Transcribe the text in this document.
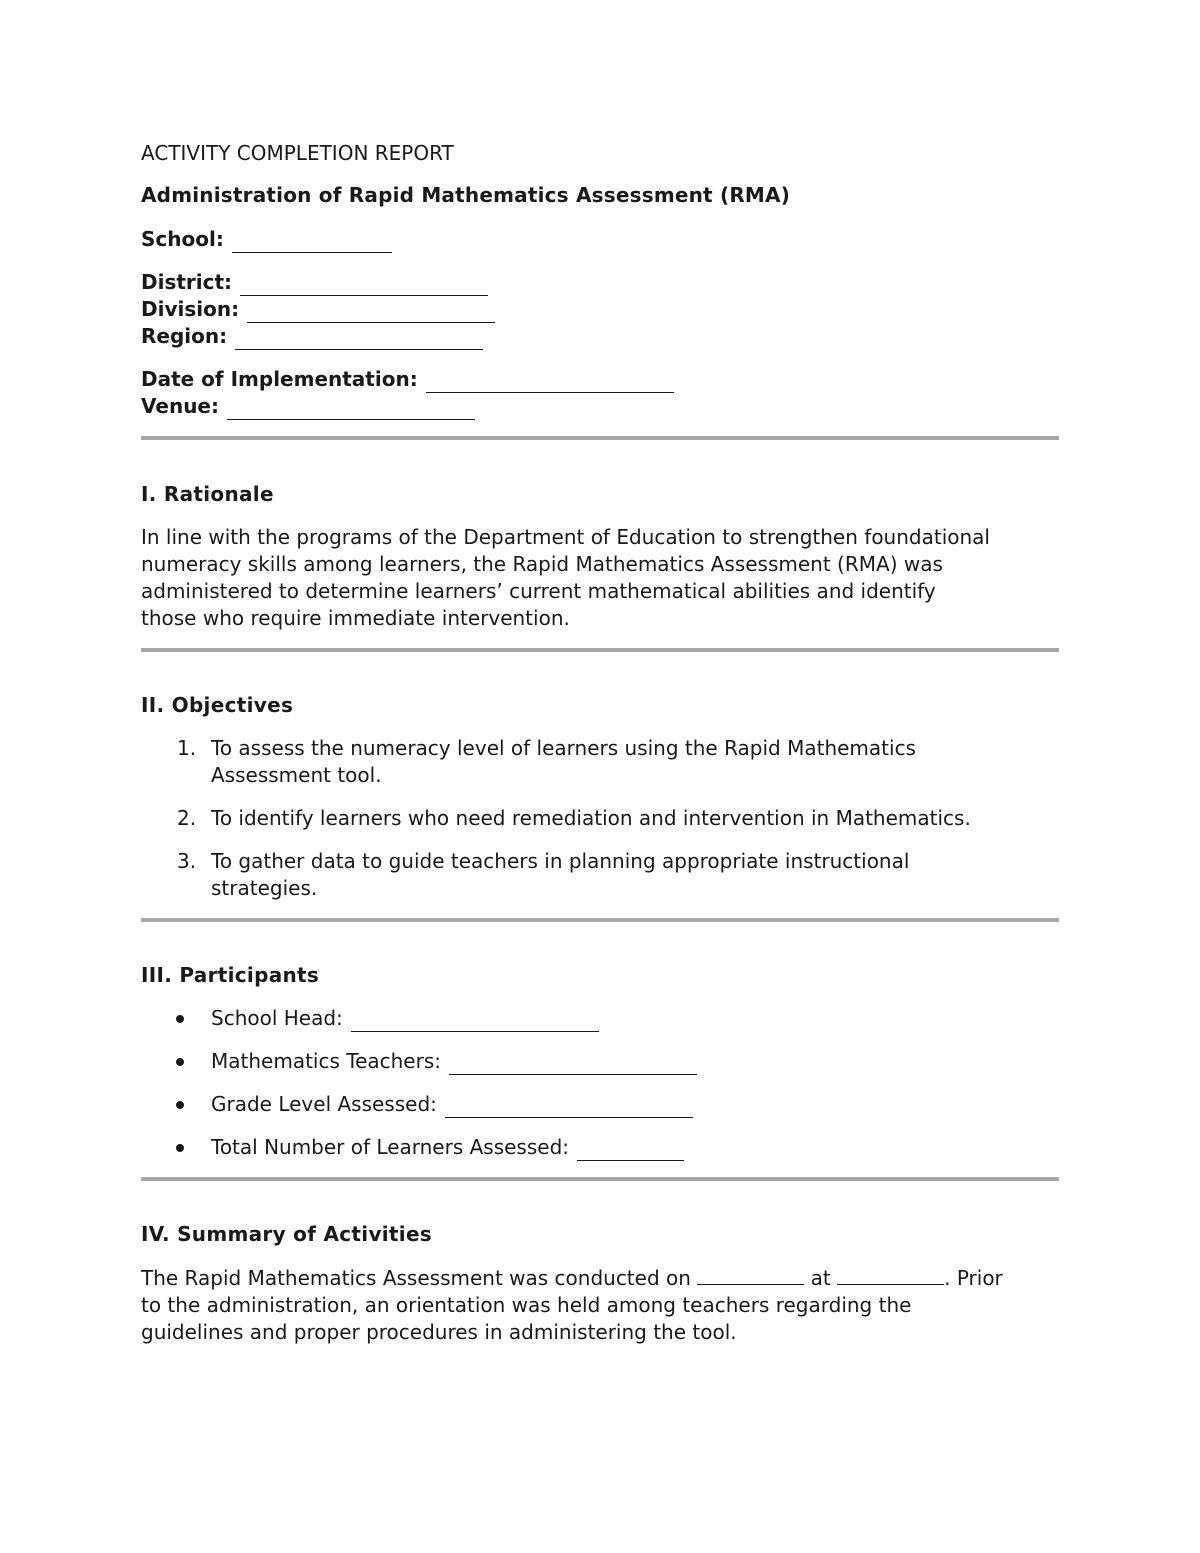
ACTIVITY COMPLETION REPORT
Administration of Rapid Mathematics Assessment (RMA)
School:
District:
Division:
Region:
Date of Implementation:
Venue:
I. Rationale

In line with the programs of the Department of Education to strengthen foundational

numeracy skills among learners, the Rapid Mathematics Assessment (RMA) was

administered to determine learners’ current mathematical abilities and identify

those who require immediate intervention.

II. Objectives
1. To assess the numeracy level of learners using the Rapid Mathematics
Assessment tool.
2. To identify learners who need remediation and intervention in Mathematics.
3. To gather data to guide teachers in planning appropriate instructional
strategies.
III. Participants
School Head:
Mathematics Teachers:
Grade Level Assessed:
Total Number of Learners Assessed:
IV. Summary of Activities

The Rapid Mathematics Assessment was conducted on	at	. Prior

to the administration, an orientation was held among teachers regarding the

guidelines and proper procedures in administering the tool.
